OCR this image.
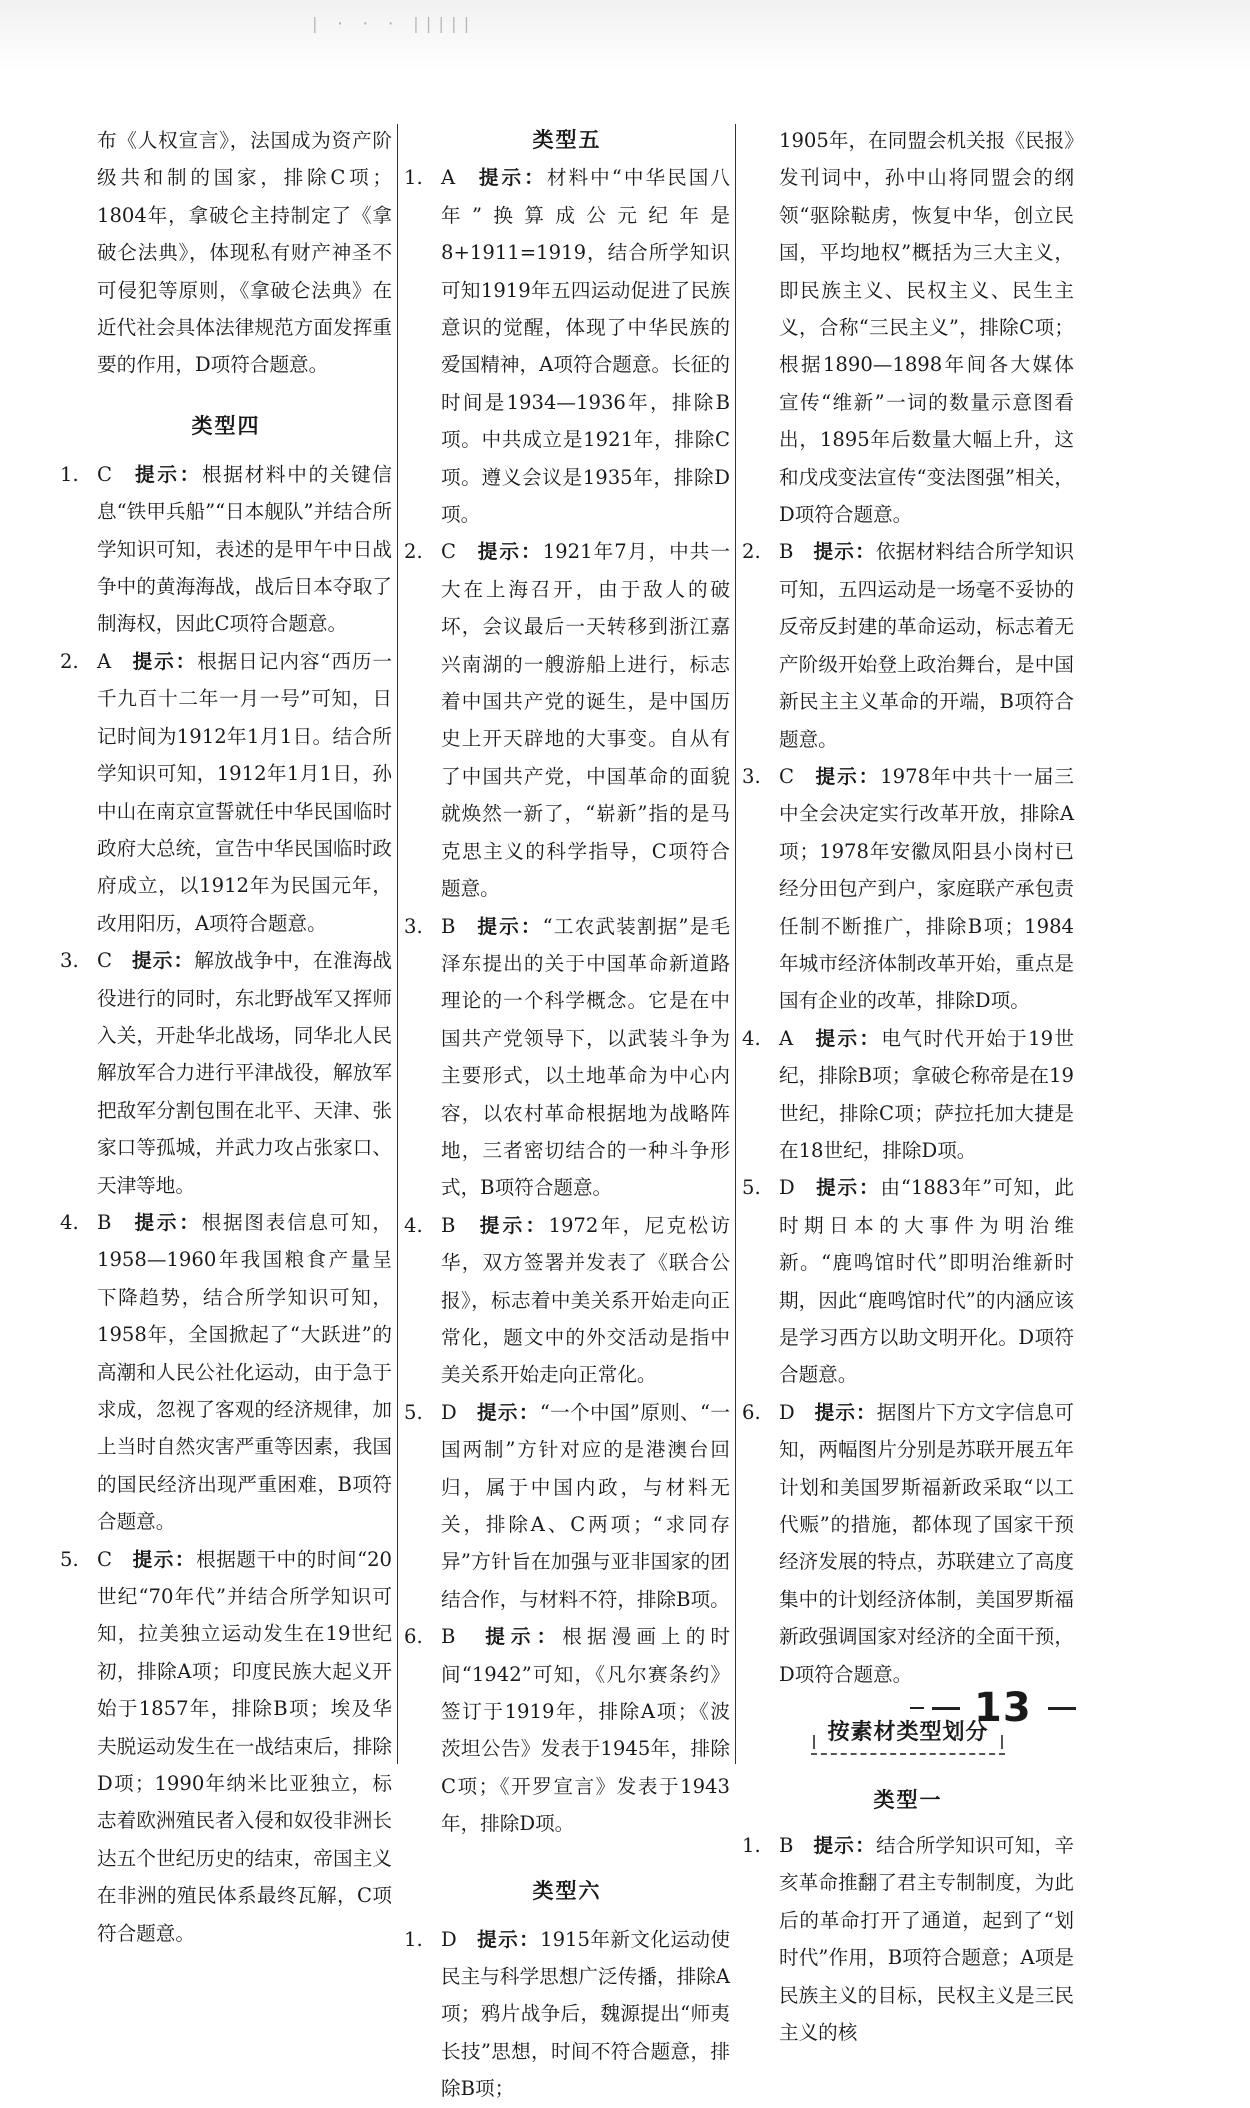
| · · · |||||

布《人权宣言》，法国成为资产阶级共和制的国家，排除C项；1804年，拿破仑主持制定了《拿破仑法典》，体现私有财产神圣不可侵犯等原则，《拿破仑法典》在近代社会具体法律规范方面发挥重要的作用，D项符合题意。

类型四
1. C　 提示：根据材料中的关键信息“铁甲兵船”“日本舰队”并结合所学知识可知，表述的是甲午中日战争中的黄海海战，战后日本夺取了制海权，因此C项符合题意。
2. A　 提示：根据日记内容“西历一千九百十二年一月一号”可知，日记时间为1912年1月1日。结合所学知识可知，1912年1月1日，孙中山在南京宣誓就任中华民国临时政府大总统，宣告中华民国临时政府成立，以1912年为民国元年，改用阳历，A项符合题意。
3. C　 提示：解放战争中，在淮海战役进行的同时，东北野战军又挥师入关，开赴华北战场，同华北人民解放军合力进行平津战役，解放军把敌军分割包围在北平、天津、张家口等孤城，并武力攻占张家口、天津等地。
4. B　 提示：根据图表信息可知，1958—1960年我国粮食产量呈下降趋势，结合所学知识可知，1958年，全国掀起了“大跃进”的高潮和人民公社化运动，由于急于求成，忽视了客观的经济规律，加上当时自然灾害严重等因素，我国的国民经济出现严重困难，B项符合题意。
5. C　 提示：根据题干中的时间“20世纪“70年代”并结合所学知识可知，拉美独立运动发生在19世纪初，排除A项；印度民族大起义开始于1857年，排除B项；埃及华夫脱运动发生在一战结束后，排除D项；1990年纳米比亚独立，标志着欧洲殖民者入侵和奴役非洲长达五个世纪历史的结束，帝国主义在非洲的殖民体系最终瓦解，C项符合题意。
类型五
1. A　 提示：材料中“中华民国八年”换算成公元纪年是8+1911=1919，结合所学知识可知1919年五四运动促进了民族意识的觉醒，体现了中华民族的爱国精神，A项符合题意。长征的时间是1934—1936年，排除B项。中共成立是1921年，排除C项。遵义会议是1935年，排除D项。
2. C　 提示：1921年7月，中共一大在上海召开，由于敌人的破坏，会议最后一天转移到浙江嘉兴南湖的一艘游船上进行，标志着中国共产党的诞生，是中国历史上开天辟地的大事变。自从有了中国共产党，中国革命的面貌就焕然一新了，“崭新”指的是马克思主义的科学指导，C项符合题意。
3. B　 提示：“工农武装割据”是毛泽东提出的关于中国革命新道路理论的一个科学概念。它是在中国共产党领导下，以武装斗争为主要形式，以土地革命为中心内容，以农村革命根据地为战略阵地，三者密切结合的一种斗争形式，B项符合题意。
4. B　 提示：1972年，尼克松访华，双方签署并发表了《联合公报》，标志着中美关系开始走向正常化，题文中的外交活动是指中美关系开始走向正常化。
5. D　 提示：“一个中国”原则、“一国两制”方针对应的是港澳台回归，属于中国内政，与材料无关，排除A、C两项；“求同存异”方针旨在加强与亚非国家的团结合作，与材料不符，排除B项。
6. B　 提示：根据漫画上的时间“1942”可知，《凡尔赛条约》签订于1919年，排除A项；《波茨坦公告》发表于1945年，排除C项；《开罗宣言》发表于1943年，排除D项。
类型六
1. D　 提示：1915年新文化运动使民主与科学思想广泛传播，排除A项；鸦片战争后，魏源提出“师夷长技”思想，时间不符合题意，排除B项；

1905年，在同盟会机关报《民报》发刊词中，孙中山将同盟会的纲领“驱除鞑虏，恢复中华，创立民国，平均地权”概括为三大主义，即民族主义、民权主义、民生主义，合称“三民主义”，排除C项；根据1890—1898年间各大媒体宣传“维新”一词的数量示意图看出，1895年后数量大幅上升，这和戊戌变法宣传“变法图强”相关，D项符合题意。

2. B　 提示：依据材料结合所学知识可知，五四运动是一场毫不妥协的反帝反封建的革命运动，标志着无产阶级开始登上政治舞台，是中国新民主主义革命的开端，B项符合题意。
3. C　 提示：1978年中共十一届三中全会决定实行改革开放，排除A项；1978年安徽凤阳县小岗村已经分田包产到户，家庭联产承包责任制不断推广，排除B项；1984年城市经济体制改革开始，重点是国有企业的改革，排除D项。
4. A　 提示：电气时代开始于19世纪，排除B项；拿破仑称帝是在19世纪，排除C项；萨拉托加大捷是在18世纪，排除D项。
5. D　 提示：由“1883年”可知，此时期日本的大事件为明治维新。“鹿鸣馆时代”即明治维新时期，因此“鹿鸣馆时代”的内涵应该是学习西方以助文明开化。D项符合题意。
6. D　 提示：据图片下方文字信息可知，两幅图片分别是苏联开展五年计划和美国罗斯福新政采取“以工代赈”的措施，都体现了国家干预经济发展的特点，苏联建立了高度集中的计划经济体制，美国罗斯福新政强调国家对经济的全面干预，D项符合题意。
按素材类型划分
类型一
1. B　 提示：结合所学知识可知，辛亥革命推翻了君主专制制度，为此后的革命打开了通道，起到了“划时代”作用，B项符合题意；A项是民族主义的目标，民权主义是三民主义的核
13
